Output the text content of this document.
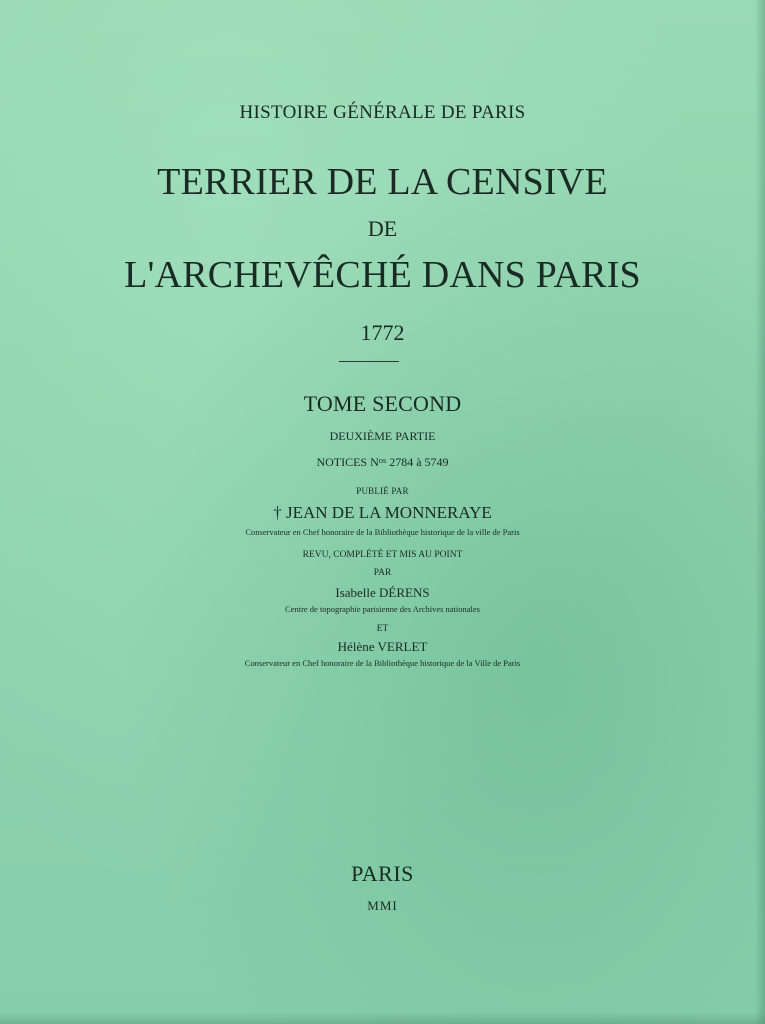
HISTOIRE GÉNÉRALE DE PARIS
TERRIER DE LA CENSIVE
DE
L'ARCHEVÊCHÉ DANS PARIS
1772
TOME SECOND
DEUXIÈME PARTIE
NOTICES $N^{os}$ 2784 à 5749
PUBLIÉ PAR
† JEAN DE LA MONNERAYE
Conservateur en Chef honoraire de la Bibliothèque historique de la ville de Paris
REVU, COMPLÉTÉ ET MIS AU POINT
PAR
Isabelle DÉRENS
Centre de topographie parisienne des Archives nationales
ET
Hélène VERLET
Conservateur en Chef honoraire de la Bibliothèque historique de la Ville de Paris
PARIS
MMI
